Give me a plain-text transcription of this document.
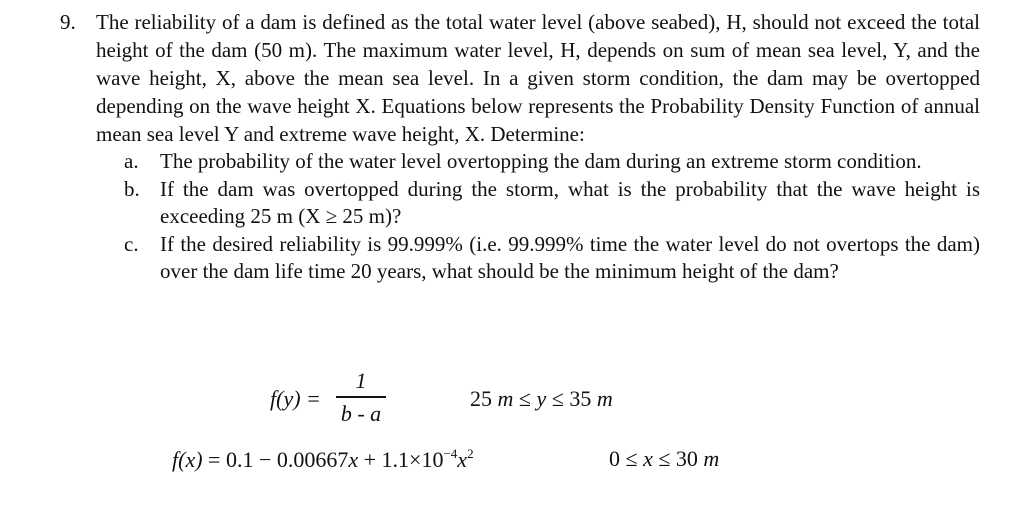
9. The reliability of a dam is defined as the total water level (above seabed), H, should not exceed the total height of the dam (50 m). The maximum water level, H, depends on sum of mean sea level, Y, and the wave height, X, above the mean sea level. In a given storm condition, the dam may be overtopped depending on the wave height X. Equations below represents the Probability Density Function of annual mean sea level Y and extreme wave height, X. Determine:
a. The probability of the water level overtopping the dam during an extreme storm condition.
b. If the dam was overtopped during the storm, what is the probability that the wave height is exceeding 25 m (X ≥ 25 m)?
c. If the desired reliability is 99.999% (i.e. 99.999% time the water level do not overtops the dam) over the dam life time 20 years, what should be the minimum height of the dam?
f(y) =
1
b - a
25 m ≤ y ≤ 35 m
$f(x) = 0.1 - 0.00667x + 1.1\times 10^{-4}x^2$	0 ≤ x ≤ 30 m
